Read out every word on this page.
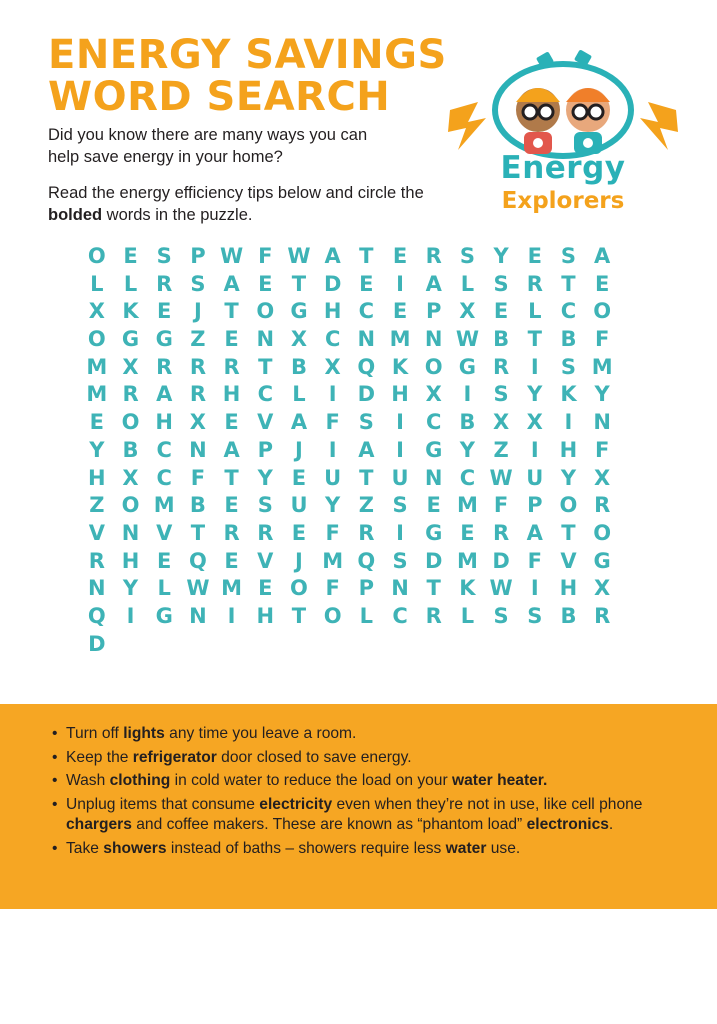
ENERGY SAVINGS
WORD SEARCH
Did you know there are many ways you can
help save energy in your home?
Read the energy efficiency tips below and circle the bolded words in the puzzle.
Energy
Explorers
O E S P W F W A T E R S Y E S A
L L R S A E T D E	I	A L S R T E
X K E	J	T O G H C E P X E L C O
O G G Z E N X C N M N W B T B F
M X R R R T B X Q K O G R	I	S M
M R A R H C L	I	D H X	I	S Y K Y
E O H X E V A F S	I	C B X X	I N
Y B C N A P	J	I	A	I	G Y Z	I H F
H X C F T Y E U T U N C W U Y X
Z O M B E S U Y Z S E M F P O R
V N V T R R E F R	I	G E R A T O
R H E Q E V	J M Q S D M D F V G
N Y L W M E O F P N T K W I H X
Q I	G N I H T O L C R L S S B R
D
• Turn off lights any time you leave a room.
• Keep the refrigerator door closed to save energy.
• Wash clothing in cold water to reduce the load on your water heater.
• Unplug items that consume electricity even when they’re not in use, like cell phone chargers and coffee makers. These are known as “phantom load” electronics.
• Take showers instead of baths – showers require less water use.
